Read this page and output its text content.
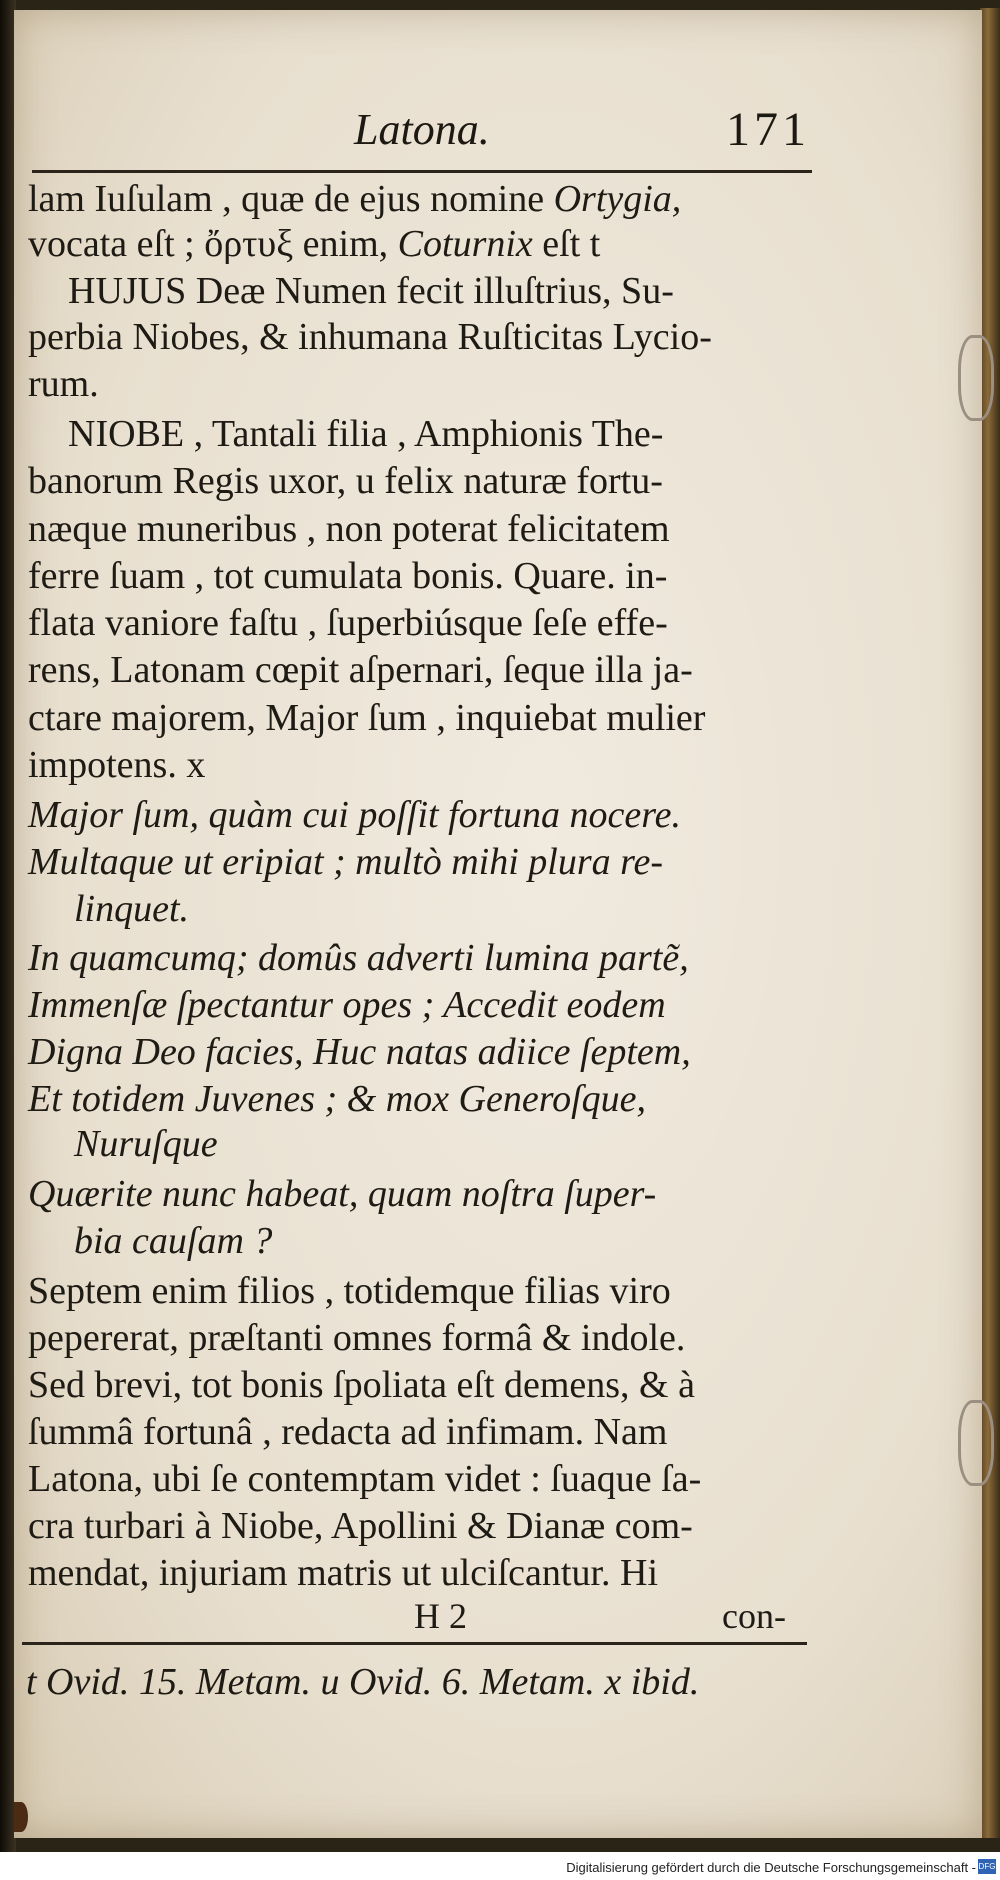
Latona.	171
lam Iuſulam , quæ de ejus nomine Ortygia,
vocata eſt ; ὄρτυξ enim, Coturnix eſt t
HUJUS Deæ Numen fecit illuſtrius, Su-
perbia Niobes, & inhumana Ruſticitas Lycio-
rum.
NIOBE , Tantali filia , Amphionis The-
banorum Regis uxor, u felix naturæ fortu-
næque muneribus , non poterat felicitatem
ferre ſuam , tot cumulata bonis. Quare. in-
flata vaniore faſtu , ſuperbiúsque ſeſe effe-
rens, Latonam cœpit aſpernari, ſeque illa ja-
ctare majorem, Major ſum , inquiebat mulier
impotens. x
Major ſum, quàm cui poſſit fortuna nocere.
Multaque ut eripiat ; multò mihi plura re-
linquet.
In quamcumq; domûs adverti lumina partẽ,
Immenſæ ſpectantur opes ; Accedit eodem
Digna Deo facies, Huc natas adiice ſeptem,
Et totidem Juvenes ; & mox Generoſque,
Nuruſque
Quærite nunc habeat, quam noſtra ſuper-
bia cauſam ?
Septem enim filios , totidemque filias viro
pepererat, præſtanti omnes formâ & indole.
Sed brevi, tot bonis ſpoliata eſt demens, & à
ſummâ fortunâ , redacta ad infimam. Nam
Latona, ubi ſe contemptam videt : ſuaque ſa-
cra turbari à Niobe, Apollini & Dianæ com-
mendat, injuriam matris ut ulciſcantur. Hi
H 2	con-
t Ovid. 15. Metam. u Ovid. 6. Metam. x ibid.
Digitalisierung gefördert durch die Deutsche Forschungsgemeinschaft - DFG
